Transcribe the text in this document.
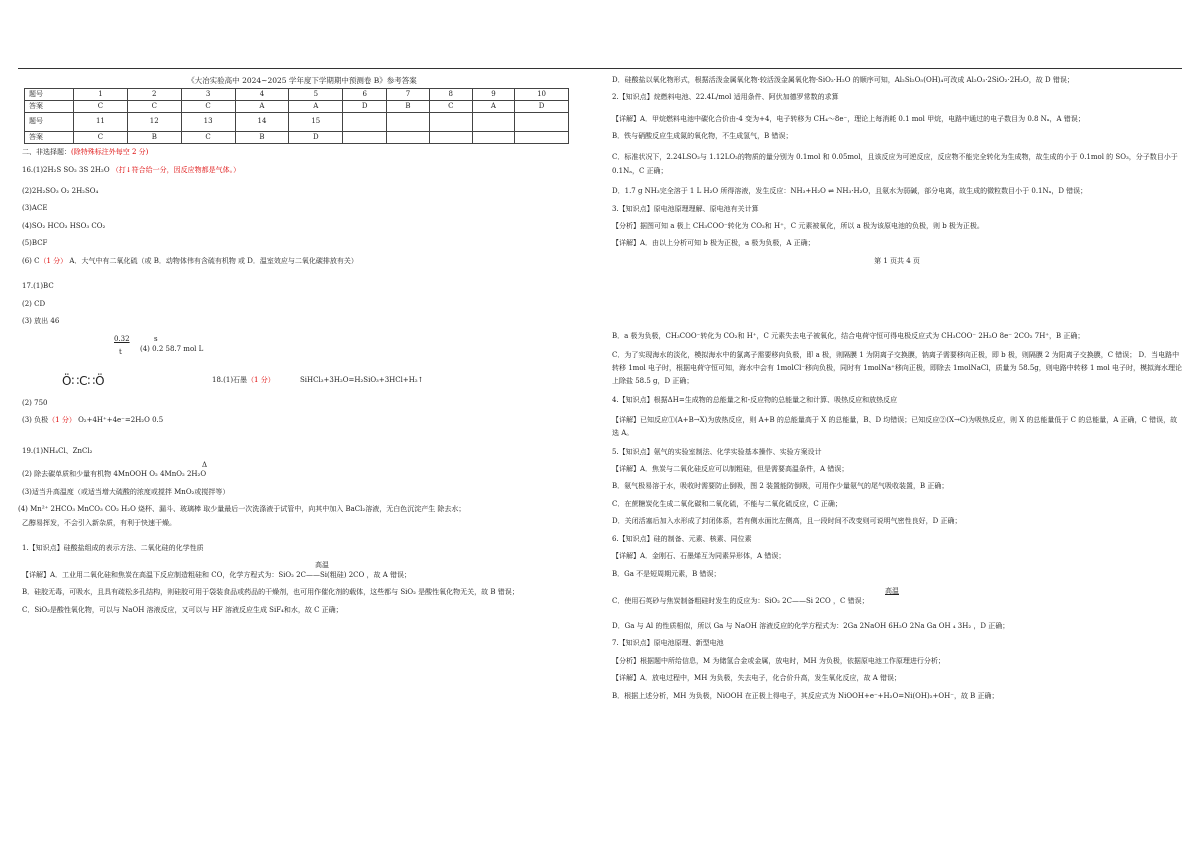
《大冶实验高中 2024~2025 学年度下学期期中预测卷 B》参考答案
题号	1	2	3	4	5	6	7	8	9	10
答案	C	C	C	A	A	D	B	C	A	D
题号	11	12	13	14	15					
答案	C	B	C	B	D					
二、非选择题：(除特殊标注外每空 2 分)
16.(1)2H₂S SO₂ 3S 2H₂O （打↓符合给一分，因反应物都是气体。）
(2)2H₂SO₃ O₂ 2H₂SO₄
(3)ACE
(4)SO₂ HCO₃ HSO₃ CO₂
(5)BCF
(6) C（1 分） A．大气中有二氧化硫（或 B．动物体伟有含硫有机物 或 D．温室效应与二氧化碳排放有关）
17.(1)BC
(2) CD
(3) 放出 46
0.32
t
s
(4) 0.2 58.7 mol L
Ö∷C∷Ö	18.(1)石墨（1 分）	SiHCl₃+3H₂O=H₂SiO₃+3HCl+H₂↑
(2) 750
(3) 负极（1 分） O₂+4H⁺+4e⁻=2H₂O 0.5
19.(1)NH₄Cl、ZnCl₂
Δ
(2) 除去碳单质和少量有机物 4MnOOH O₂ 4MnO₂ 2H₂O
(3)适当升高温度（或适当增大硫酸的浓度或搅拌 MnO₂或搅拌等）
(4) Mn²⁺ 2HCO₃ MnCO₃ CO₂ H₂O 烧杯、漏斗、玻璃棒 取少量最后一次洗涤液于试管中，向其中加入 BaCl₂溶液，无白色沉淀产生 除去水；
乙醇易挥发，不会引入新杂质，有利于快速干燥。
1.【知识点】硅酸盐组成的表示方法、二氧化硅的化学性质
高温
【详解】A．工业用二氧化硅和焦炭在高温下反应制造粗硅和 CO，化学方程式为：SiO₂ 2C——Si(粗硅) 2CO ，故 A 错误；
B．硅胶无毒，可吸水，且具有疏松多孔结构，则硅胶可用于袋装食品或药品的干燥剂，也可用作催化剂的载体，这些都与 SiO₂ 是酸性氧化物无关，故 B 错误；
C．SiO₂是酸性氧化物，可以与 NaOH 溶液反应，又可以与 HF 溶液反应生成 SiF₄和水，故 C 正确；
D．硅酸盐以氧化物形式，根据活泼金属氧化物·较活泼金属氧化物·SiO₂·H₂O 的顺序可知，Al₂Si₂O₅(OH)₄可改成 Al₂O₃·2SiO₂·2H₂O，故 D 错误；
2.【知识点】烷燃料电池、22.4L/mol 适用条件、阿伏加德罗常数的求算
【详解】A．甲烷燃料电池中碳化合价由-4 变为+4，电子转移为 CH₄～8e⁻，理论上每消耗 0.1 mol 甲烷，电路中通过的电子数目为 0.8 Nₐ，A 错误；
B．铁与硝酸反应生成氮的氧化物，不生成氢气，B 错误；
C．标准状况下，2.24LSO₂与 1.12LO₂的物质的量分别为 0.1mol 和 0.05mol，且该反应为可逆反应，反应物不能完全转化为生成物，故生成的小于 0.1mol 的 SO₃，分子数目小于 0.1Nₐ，C 正确；
D．1.7 g NH₃完全溶于 1 L H₂O 所得溶液，发生反应：NH₃+H₂O ⇌ NH₃·H₂O，且氨水为弱碱，部分电离，故生成的微粒数目小于 0.1Nₐ，D 错误；
3.【知识点】原电池原理理解、原电池有关计算
【分析】据图可知 a 极上 CH₃COO⁻转化为 CO₂和 H⁺，C 元素被氧化，所以 a 极为该原电池的负极，则 b 极为正极。
【详解】A．由以上分析可知 b 极为正极，a 极为负极，A 正确；
第 1 页共 4 页
B．a 极为负极，CH₃COO⁻转化为 CO₂和 H⁺，C 元素失去电子被氧化，结合电荷守恒可得电极反应式为 CH₃COO⁻ 2H₂O 8e⁻ 2CO₂ 7H⁺，B 正确；
C．为了实现海水的淡化，模拟海水中的氯离子需要移向负极，即 a 极，则隔膜 1 为阴离子交换膜，钠离子需要移向正极，即 b 极，则隔膜 2 为阳离子交换膜，C 错误； D．当电路中转移 1mol 电子时，根据电荷守恒可知，海水中会有 1molCl⁻移向负极，同时有 1molNa⁺移向正极，即除去 1molNaCl，质量为 58.5g，则电路中转移 1 mol 电子时，模拟海水理论上除盐 58.5 g，D 正确；
4.【知识点】根据ΔH=生成物的总能量之和-反应物的总能量之和计算、吸热反应和放热反应
【详解】已知反应①(A+B→X)为放热反应，则 A+B 的总能量高于 X 的总能量，B、D 均错误；已知反应②(X→C)为吸热反应，则 X 的总能量低于 C 的总能量，A 正确，C 错误，故选 A。
5.【知识点】氨气的实验室制法、化学实验基本操作、实验方案设计
【详解】A．焦炭与二氧化硅反应可以制粗硅，但是需要高温条件，A 错误；
B．氨气极易溶于水，吸收时需要防止倒吸，图 2 装置能防倒吸，可用作少量氨气的尾气吸收装置，B 正确；
C．在蔗糖炭化生成二氧化碳和二氧化硫，不能与二氧化硫反应，C 正确；
D．关闭活塞后加入水形成了封闭体系，若有侧水面比左侧高，且一段时间不改变则可说明气密性良好，D 正确；
6.【知识点】硅的制备、元素、核素、同位素
【详解】A．金刚石、石墨烯互为同素异形体，A 错误；
B．Ga 不是短周期元素，B 错误；
高温
C．使用石英砂与焦炭制备粗硅时发生的反应为：SiO₂ 2C——Si 2CO ，C 错误；
D．Ga 与 Al 的性质相似，所以 Ga 与 NaOH 溶液反应的化学方程式为：2Ga 2NaOH 6H₂O 2Na Ga OH ₄ 3H₂ ，D 正确；
7.【知识点】原电池原理、新型电池
【分析】根据题中所给信息，M 为储氢合金或金属，放电时，MH 为负极，依据原电池工作原理进行分析；
【详解】A．放电过程中，MH 为负极，失去电子，化合价升高，发生氧化反应，故 A 错误；
B．根据上述分析，MH 为负极，NiOOH 在正极上得电子，其反应式为 NiOOH+e⁻+H₂O=Ni(OH)₂+OH⁻，故 B 正确；
